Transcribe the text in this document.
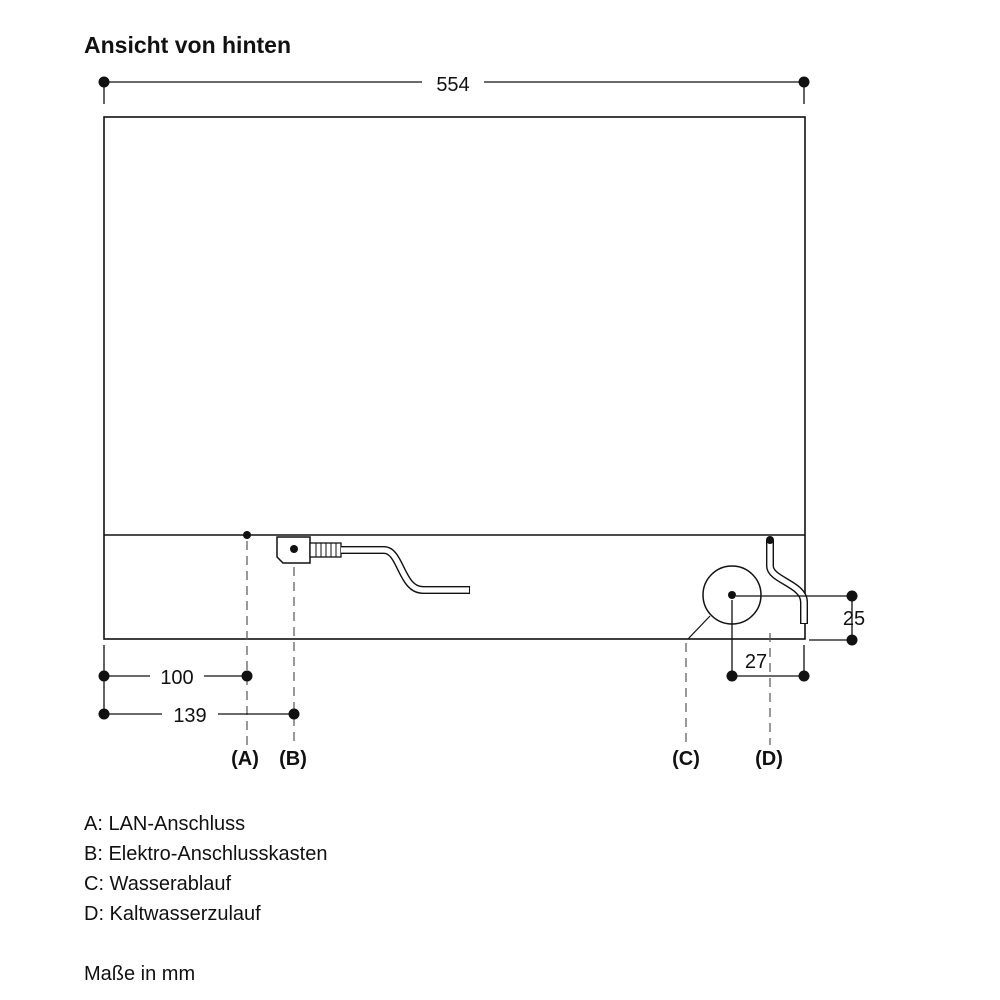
Ansicht von hinten
554
25
27
100
139
(A) (B)	(C)	(D)
A: LAN-Anschluss
B: Elektro-Anschlusskasten
C: Wasserablauf
D: Kaltwasserzulauf

Maße in mm
